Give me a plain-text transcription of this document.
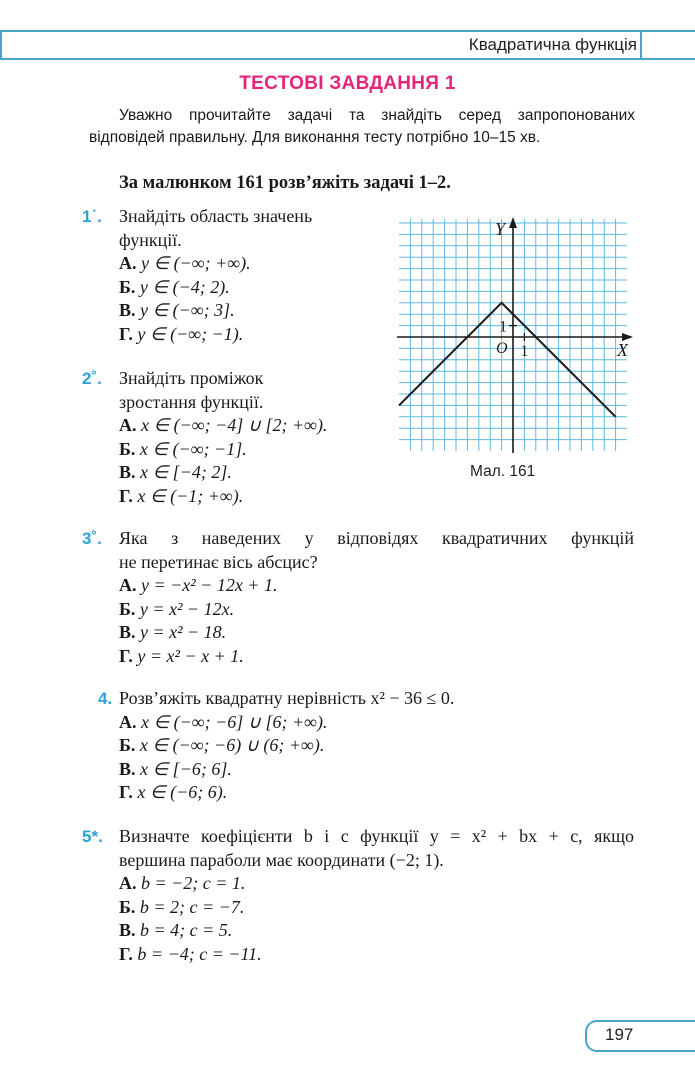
Квадратична функція
ТЕСТОВІ ЗАВДАННЯ 1
Уважно прочитайте задачі та знайдіть серед запропонованих
відповідей правильну. Для виконання тесту потрібно 10–15 хв.
За малюнком 161 розв’яжіть задачі 1–2.
1˙. Знайдіть область значень
функції.
А. y ∈ (−∞; +∞).
Б. y ∈ (−4; 2).
В. y ∈ (−∞; 3].
Г. y ∈ (−∞; −1).
2˚. Знайдіть проміжок
зростання функції.
А. x ∈ (−∞; −4] ∪ [2; +∞).
Б. x ∈ (−∞; −1].
В. x ∈ [−4; 2].
Г. x ∈ (−1; +∞).
3˚. Яка з наведених у відповідях квадратичних функцій
не перетинає вісь абсцис?
А. y = −x² − 12x + 1.
Б. y = x² − 12x.
В. y = x² − 18.
Г. y = x² − x + 1.
4. Розв’яжіть квадратну нерівність x² − 36 ≤ 0.
А. x ∈ (−∞; −6] ∪ [6; +∞).
Б. x ∈ (−∞; −6) ∪ (6; +∞).
В. x ∈ [−6; 6].
Г. x ∈ (−6; 6).
5*. Визначте коефіцієнти b і c функції y = x² + bx + c, якщо
вершина параболи має координати (−2; 1).
А. b = −2; c = 1.
Б. b = 2; c = −7.
В. b = 4; c = 5.
Г. b = −4; c = −11.
Y
X
O 1
1
Мал. 161
197
